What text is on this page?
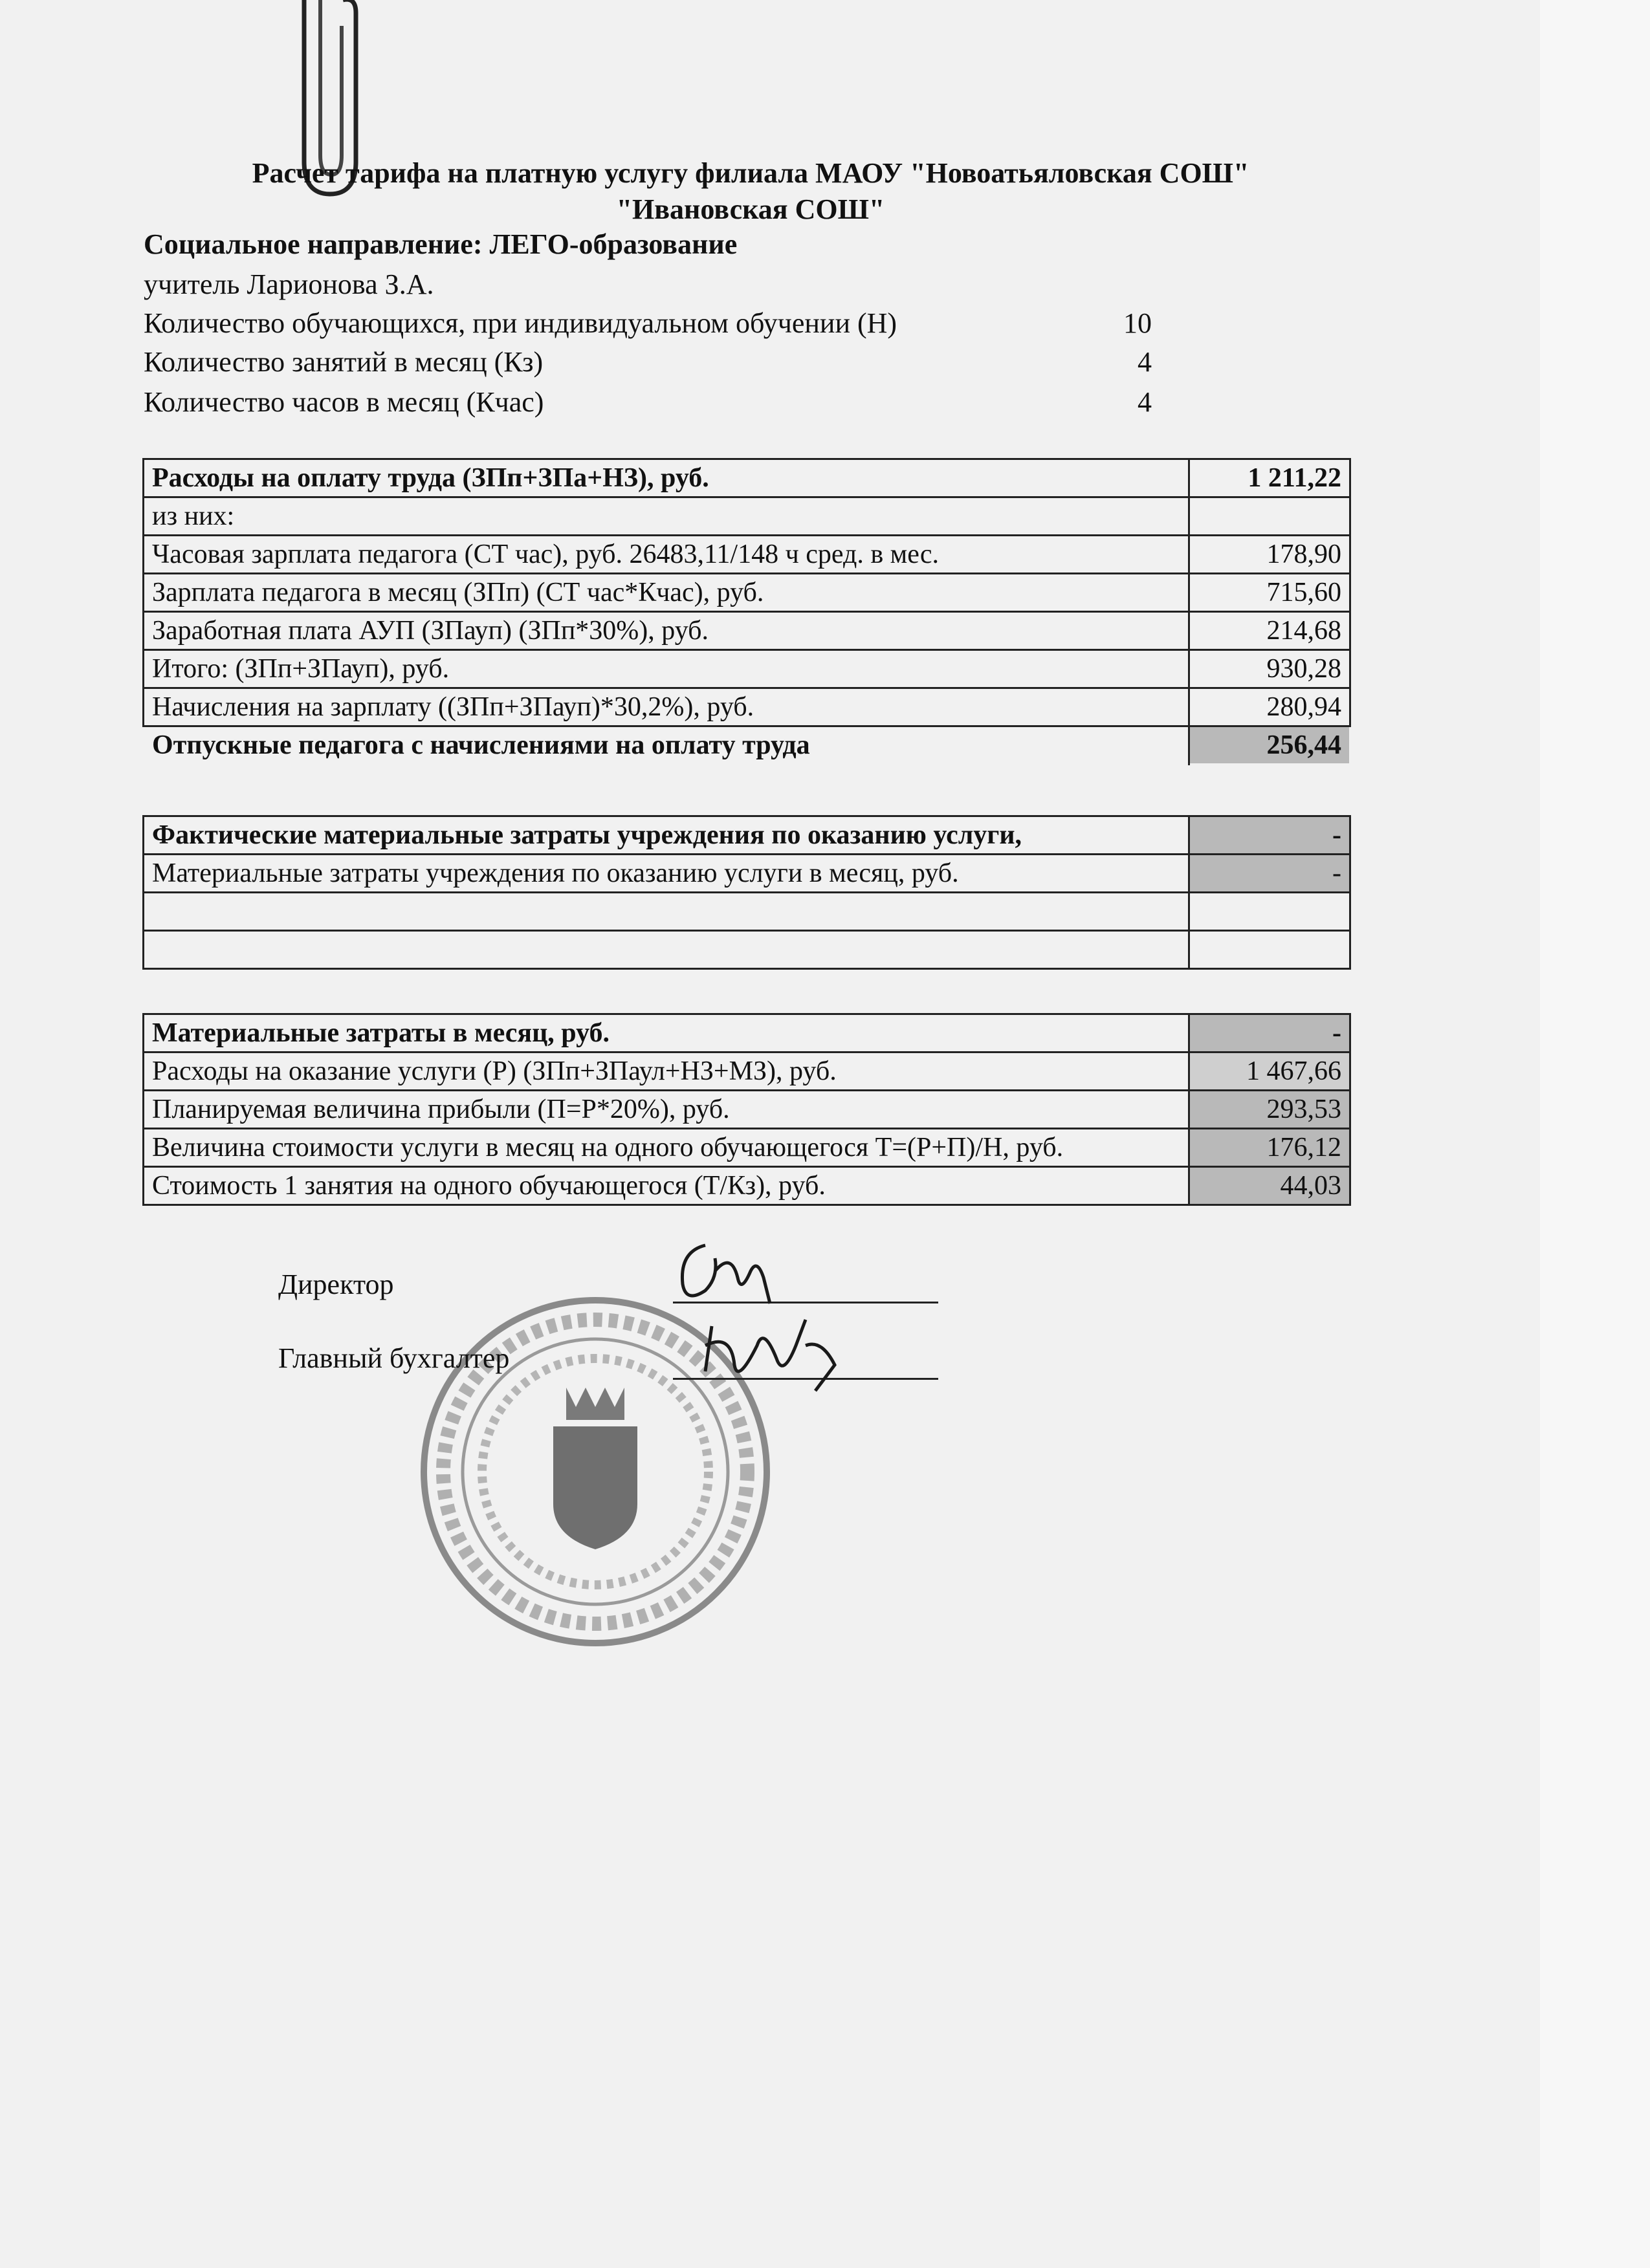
Расчет тарифа на платную услугу филиала МАОУ "Новоатьяловская СОШ"
"Ивановская СОШ"
Социальное направление: ЛЕГО-образование
учитель Ларионова З.А.
Количество обучающихся, при индивидуальном обучении (Н)	10
Количество занятий в месяц (Кз)	4
Количество часов в месяц (Кчас)	4
Расходы на оплату труда (ЗПп+ЗПа+НЗ), руб.	1 211,22
из них:	
Часовая зарплата педагога (СТ час), руб. 26483,11/148 ч сред. в мес.	178,90
Зарплата педагога в месяц (ЗПп) (СТ час*Кчас), руб.	715,60
Заработная плата АУП (ЗПауп) (ЗПп*30%), руб.	214,68
Итого: (ЗПп+ЗПауп), руб.	930,28
Начисления на зарплату ((ЗПп+ЗПауп)*30,2%), руб.	280,94
Отпускные педагога с начислениями на оплату труда	256,44
Фактические материальные затраты учреждения по оказанию услуги,	-
Материальные затраты учреждения по оказанию услуги в месяц, руб.	-

Материальные затраты в месяц, руб.	-
Расходы на оказание услуги (Р) (ЗПп+ЗПаул+НЗ+МЗ), руб.	1 467,66
Планируемая величина прибыли (П=Р*20%), руб.	293,53
Величина стоимости услуги в месяц на одного обучающегося Т=(Р+П)/Н, руб.	176,12
Стоимость 1 занятия на одного обучающегося (Т/Кз), руб.	44,03
Директор
Главный бухгалтер
